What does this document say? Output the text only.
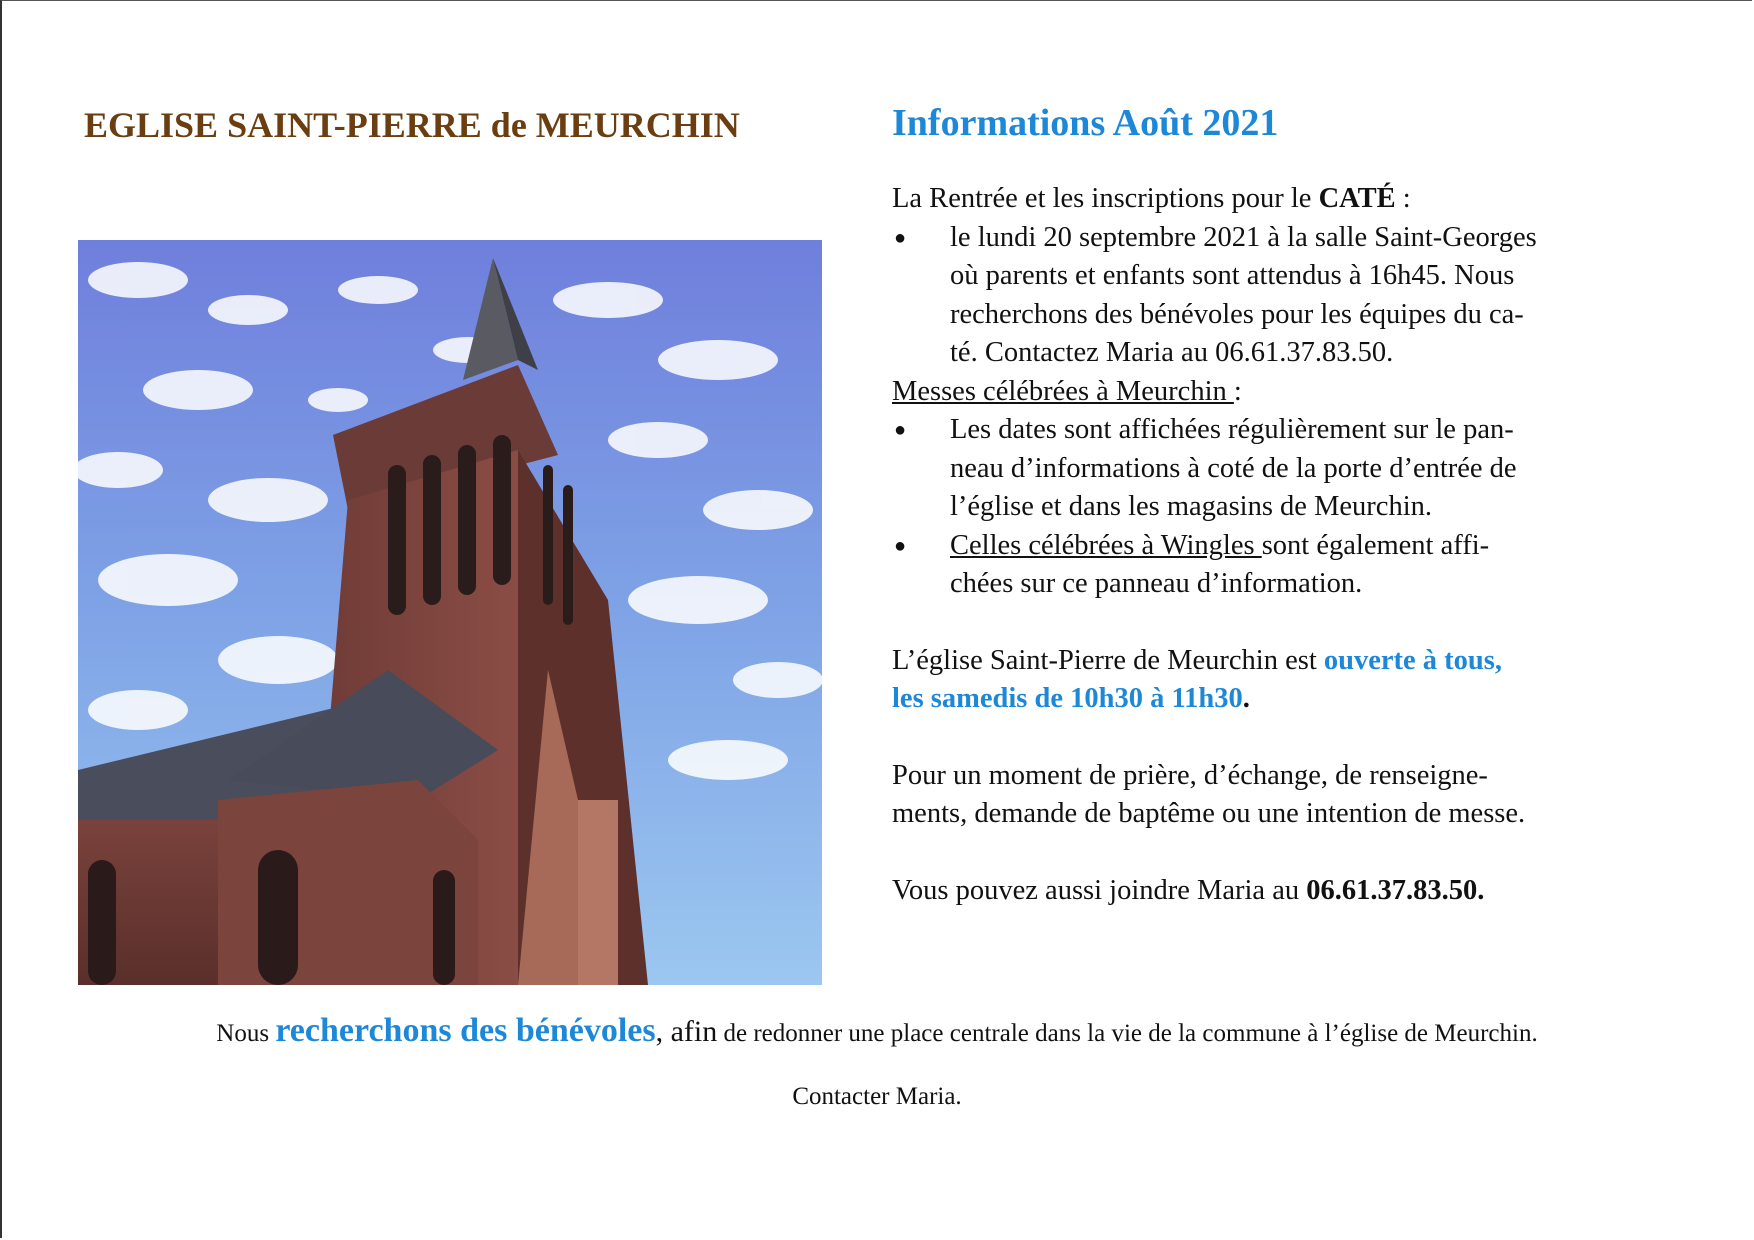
EGLISE SAINT-PIERRE de MEURCHIN	Informations Août 2021
La Rentrée et les inscriptions pour le CATÉ :
● le lundi 20 septembre 2021 à la salle Saint-Georges
où parents et enfants sont attendus à 16h45. Nous
recherchons des bénévoles pour les équipes du ca-
té. Contactez Maria au 06.61.37.83.50.
Messes célébrées à Meurchin :
● Les dates sont affichées régulièrement sur le pan-
neau d’informations à coté de la porte d’entrée de
l’église et dans les magasins de Meurchin.
● Celles célébrées à Wingles sont également affi-
chées sur ce panneau d’information.
L’église Saint-Pierre de Meurchin est ouverte à tous,
les samedis de 10h30 à 11h30.
Pour un moment de prière, d’échange, de renseigne-
ments, demande de baptême ou une intention de messe.
Vous pouvez aussi joindre Maria au 06.61.37.83.50.
Nous recherchons des bénévoles, afin de redonner une place centrale dans la vie de la commune à l’église de Meurchin.
Contacter Maria.
